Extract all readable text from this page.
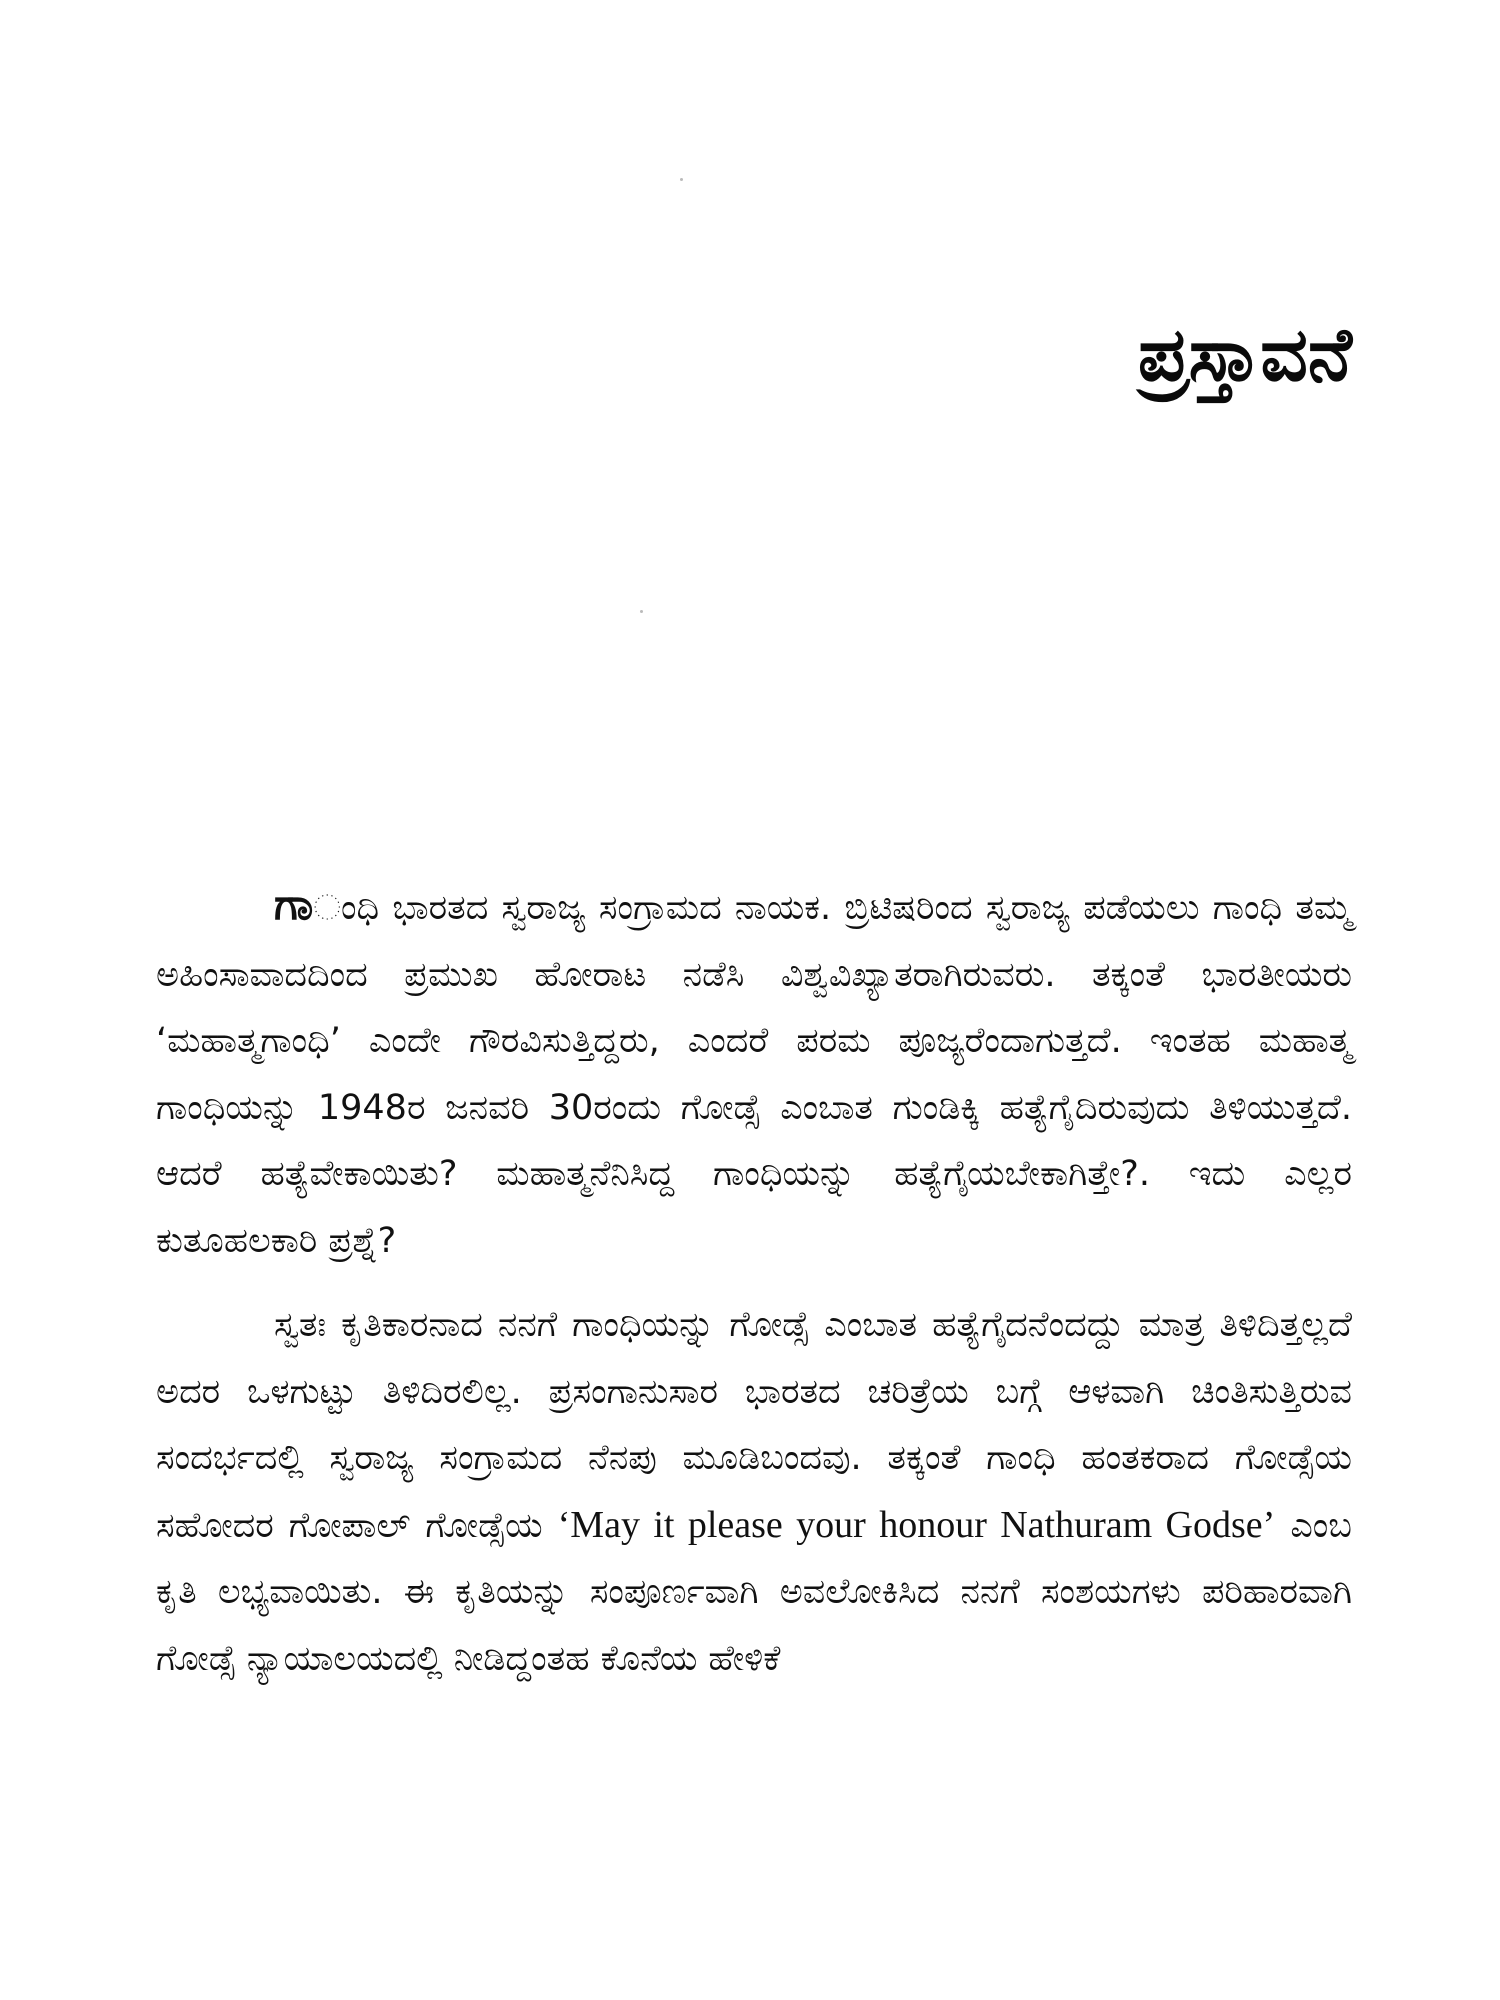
ಪ್ರಸ್ತಾವನೆ

ಗಾಂಧಿ ಭಾರತದ ಸ್ವರಾಜ್ಯ ಸಂಗ್ರಾಮದ ನಾಯಕ. ಬ್ರಿಟಿಷರಿಂದ ಸ್ವರಾಜ್ಯ ಪಡೆಯಲು ಗಾಂಧಿ ತಮ್ಮ ಅಹಿಂಸಾವಾದದಿಂದ ಪ್ರಮುಖ ಹೋರಾಟ ನಡೆಸಿ ವಿಶ್ವವಿಖ್ಯಾತರಾಗಿರುವರು. ತಕ್ಕಂತೆ ಭಾರತೀಯರು ‘ಮಹಾತ್ಮಗಾಂಧಿ’ ಎಂದೇ ಗೌರವಿಸುತ್ತಿದ್ದರು, ಎಂದರೆ ಪರಮ ಪೂಜ್ಯರೆಂದಾಗುತ್ತದೆ. ಇಂತಹ ಮಹಾತ್ಮ ಗಾಂಧಿಯನ್ನು 1948ರ ಜನವರಿ 30ರಂದು ಗೋಡ್ಸೆ ಎಂಬಾತ ಗುಂಡಿಕ್ಕಿ ಹತ್ಯೆಗೈದಿರುವುದು ತಿಳಿಯುತ್ತದೆ. ಆದರೆ ಹತ್ಯೆವೇಕಾಯಿತು? ಮಹಾತ್ಮನೆನಿಸಿದ್ದ ಗಾಂಧಿಯನ್ನು ಹತ್ಯೆಗೈಯಬೇಕಾಗಿತ್ತೇ?. ಇದು ಎಲ್ಲರ ಕುತೂಹಲಕಾರಿ ಪ್ರಶ್ನೆ?

ಸ್ವತಃ ಕೃತಿಕಾರನಾದ ನನಗೆ ಗಾಂಧಿಯನ್ನು ಗೋಡ್ಸೆ ಎಂಬಾತ ಹತ್ಯೆಗೈದನೆಂದದ್ದು ಮಾತ್ರ ತಿಳಿದಿತ್ತಲ್ಲದೆ ಅದರ ಒಳಗುಟ್ಟು ತಿಳಿದಿರಲಿಲ್ಲ. ಪ್ರಸಂಗಾನುಸಾರ ಭಾರತದ ಚರಿತ್ರೆಯ ಬಗ್ಗೆ ಆಳವಾಗಿ ಚಿಂತಿಸುತ್ತಿರುವ ಸಂದರ್ಭದಲ್ಲಿ ಸ್ವರಾಜ್ಯ ಸಂಗ್ರಾಮದ ನೆನಪು ಮೂಡಿಬಂದವು. ತಕ್ಕಂತೆ ಗಾಂಧಿ ಹಂತಕರಾದ ಗೋಡ್ಸೆಯ ಸಹೋದರ ಗೋಪಾಲ್ ಗೋಡ್ಸೆಯ ‘May it please your honour Nathuram Godse’ ಎಂಬ ಕೃತಿ ಲಭ್ಯವಾಯಿತು. ಈ ಕೃತಿಯನ್ನು ಸಂಪೂರ್ಣವಾಗಿ ಅವಲೋಕಿಸಿದ ನನಗೆ ಸಂಶಯಗಳು ಪರಿಹಾರವಾಗಿ ಗೋಡ್ಸೆ ನ್ಯಾಯಾಲಯದಲ್ಲಿ ನೀಡಿದ್ದಂತಹ ಕೊನೆಯ ಹೇಳಿಕೆ
